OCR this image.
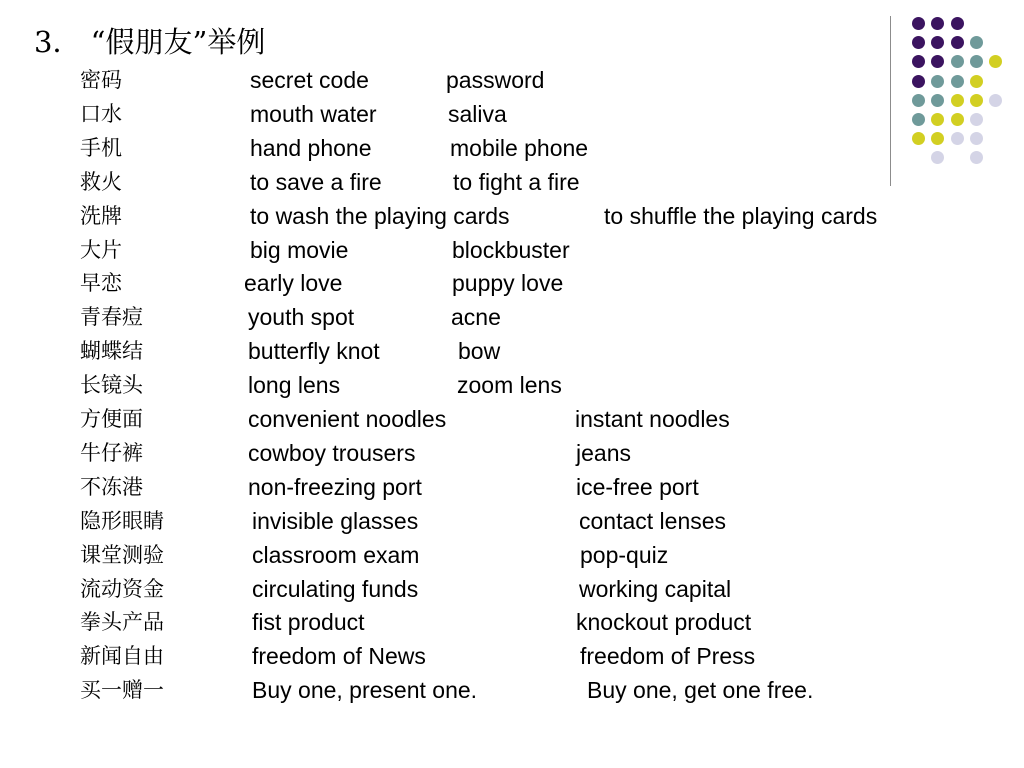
3． “假朋友”举例
密码	secret code	password
口水	mouth water	saliva
手机	hand phone	mobile phone
救火	to save a fire	to fight a fire
洗牌	to wash the playing cards	to shuffle the playing cards
大片	big movie	blockbuster
早恋	early love	puppy love
青春痘	youth spot	acne
蝴蝶结	butterfly knot	bow
长镜头	long lens	zoom lens
方便面	convenient noodles	instant noodles
牛仔裤	cowboy trousers	jeans
不冻港	non-freezing port	ice-free port
隐形眼睛	invisible glasses	contact lenses
课堂测验	classroom exam	pop-quiz
流动资金	circulating funds	working capital
拳头产品	fist product	knockout product
新闻自由	freedom of News	freedom of Press
买一赠一	Buy one, present one.	Buy one, get one free.
